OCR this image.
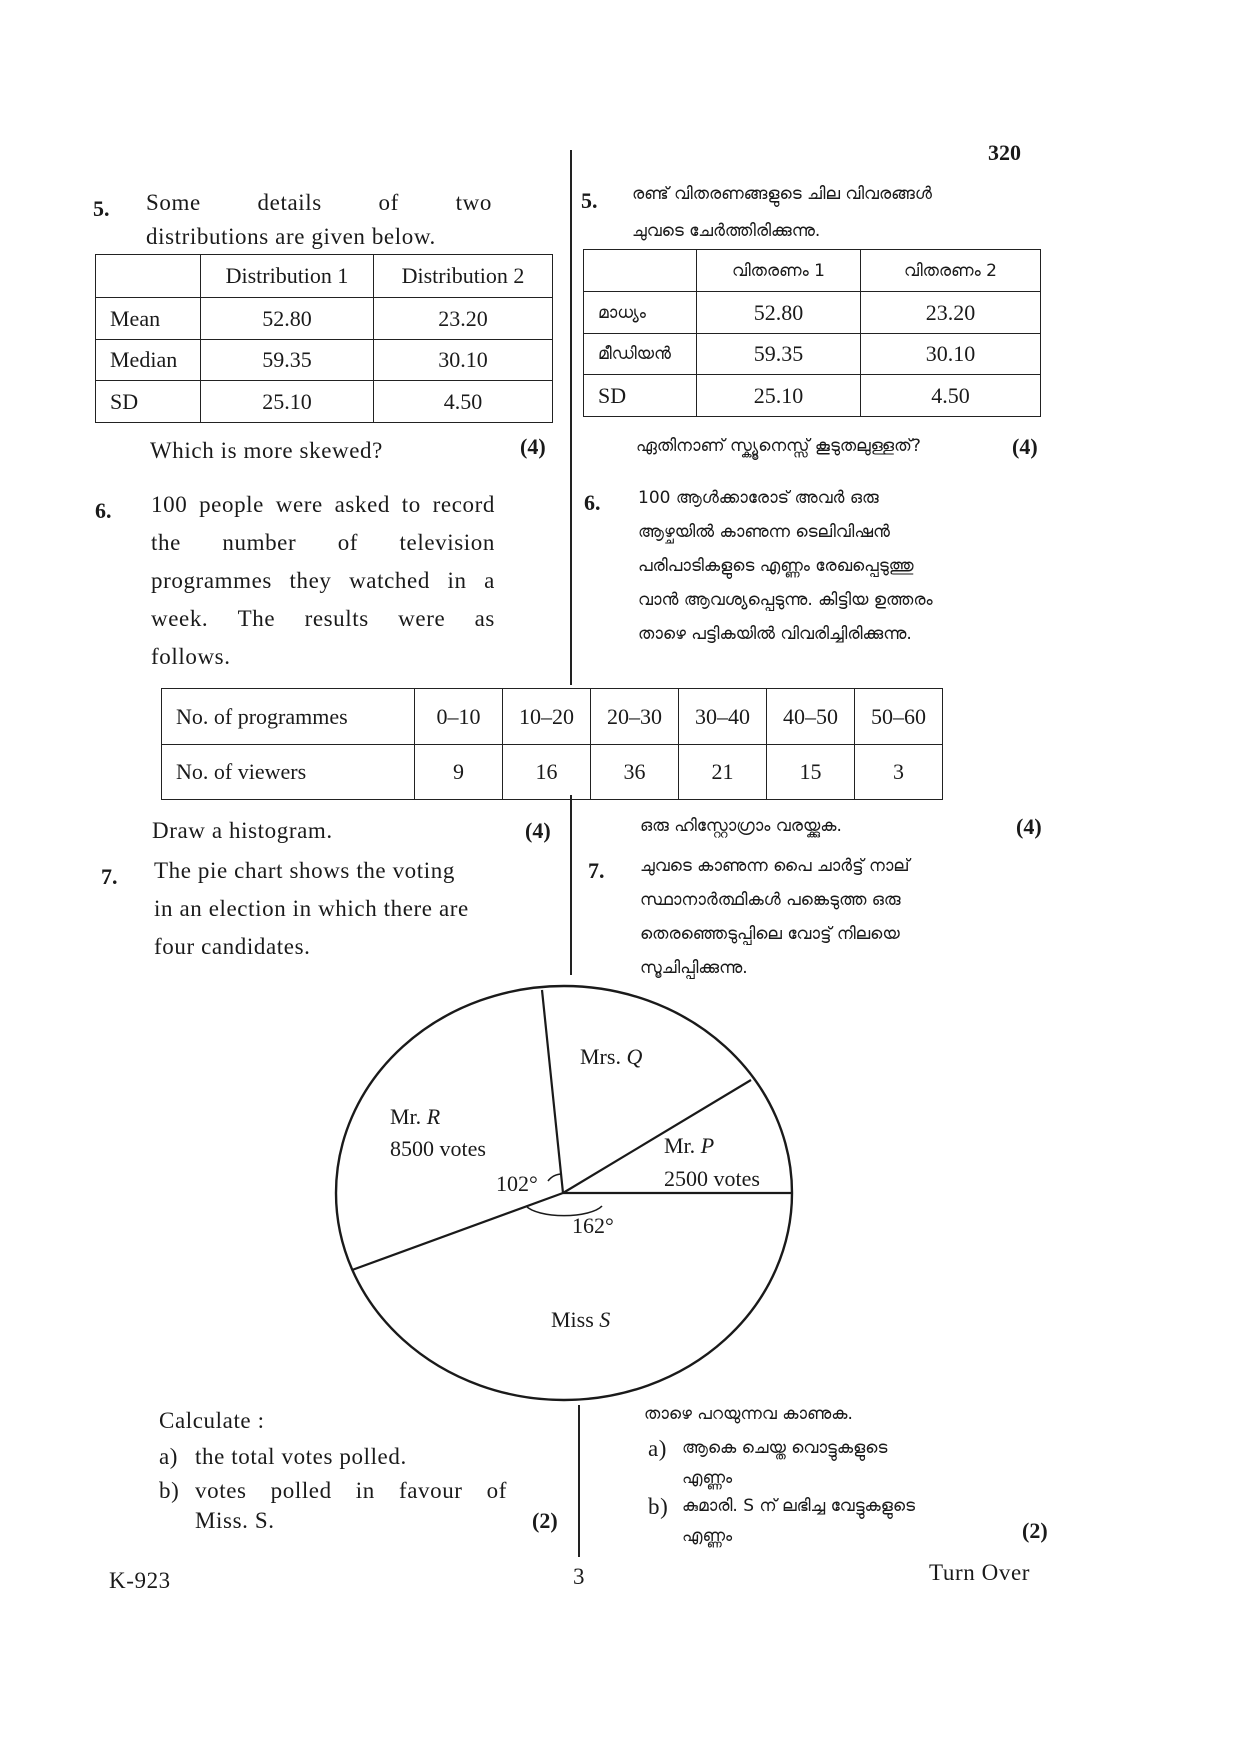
320
5. Some details of two
distributions are given below.
	Distribution 1	Distribution 2
Mean	52.80	23.20
Median	59.35	30.10
SD	25.10	4.50
Which is more skewed?	(4)
5. രണ്ട് വിതരണങ്ങളുടെ ചില വിവരങ്ങൾ
ചുവടെ ചേർത്തിരിക്കുന്നു.
	വിതരണം 1	വിതരണം 2
മാധ്യം	52.80	23.20
മീഡിയൻ	59.35	30.10
SD	25.10	4.50
ഏതിനാണ് സ്ക്യൂനെസ്സ് കൂടുതലുള്ളത്?	(4)
6. 100 people were asked to record
the number of television
programmes they watched in a
week. The results were as
follows.
6. 100 ആൾക്കാരോട് അവർ ഒരു
ആഴ്ചയിൽ കാണുന്ന ടെലിവിഷൻ
പരിപാടികളുടെ എണ്ണം രേഖപ്പെടുത്തു
വാൻ ആവശ്യപ്പെടുന്നു. കിട്ടിയ ഉത്തരം
താഴെ പട്ടികയിൽ വിവരിച്ചിരിക്കുന്നു.
No. of programmes	0–10	10–20	20–30	30–40	40–50	50–60
No. of viewers	9	16	36	21	15	3
Draw a histogram.	(4)	ഒരു ഹിസ്റ്റോഗ്രാം വരയ്ക്കുക.	(4)
7. The pie chart shows the voting
in an election in which there are
four candidates.
7. ചുവടെ കാണുന്ന പൈ ചാർട്ട് നാല്
സ്ഥാനാർത്ഥികൾ പങ്കെടുത്ത ഒരു
തെരഞ്ഞെടുപ്പിലെ വോട്ട് നിലയെ
സൂചിപ്പിക്കുന്നു.
Mrs. Q
Mr. P
2500 votes
Mr. R
8500 votes
Miss S
102°
162°
Calculate :
a) the total votes polled.
b) votes polled in favour of
Miss. S.	(2)
താഴെ പറയുന്നവ കാണുക.
a) ആകെ ചെയ്ത വൊട്ടുകളുടെ
എണ്ണം
b) കുമാരി. S ന് ലഭിച്ച വേട്ടുകളുടെ
എണ്ണം	(2)
K-923	3	Turn Over
